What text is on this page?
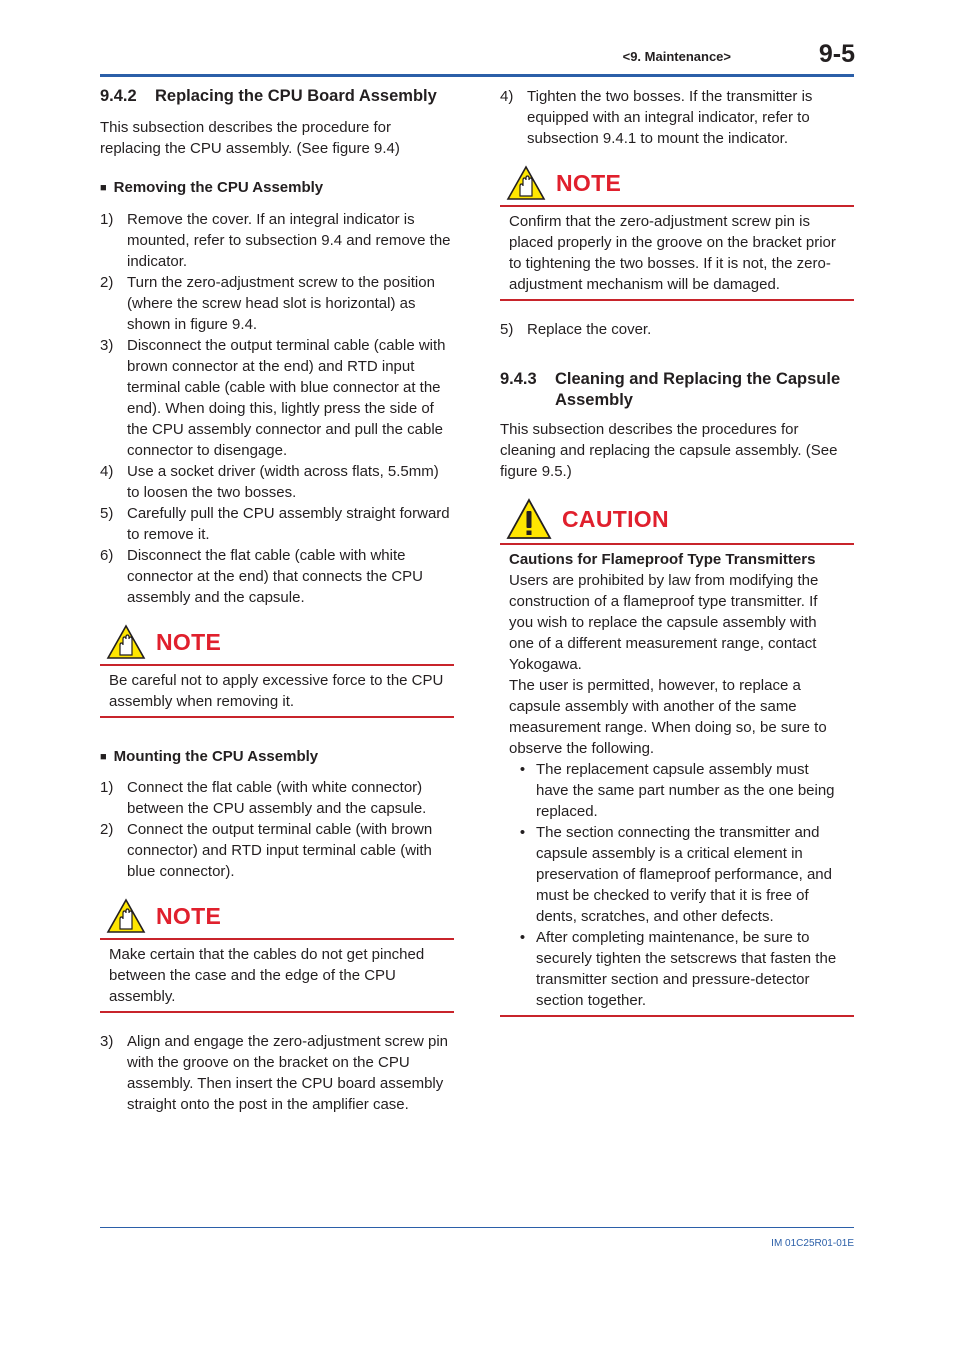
<9. Maintenance>	9-5
9.4.2	Replacing the CPU Board Assembly

This subsection describes the procedure for replacing the CPU assembly. (See figure 9.4)

■ Removing the CPU Assembly
1) Remove the cover. If an integral indicator is mounted, refer to subsection 9.4 and remove the indicator.
2) Turn the zero-adjustment screw to the position (where the screw head slot is horizontal) as shown in figure 9.4.
3) Disconnect the output terminal cable (cable with brown connector at the end) and RTD input terminal cable (cable with blue connector at the end). When doing this, lightly press the side of the CPU assembly connector and pull the cable connector to disengage.
4) Use a socket driver (width across flats, 5.5mm) to loosen the two bosses.
5) Carefully pull the CPU assembly straight forward to remove it.
6) Disconnect the flat cable (cable with white connector at the end) that connects the CPU assembly and the capsule.
NOTE
Be careful not to apply excessive force to the CPU assembly when removing it.
■ Mounting the CPU Assembly
1) Connect the flat cable (with white connector) between the CPU assembly and the capsule.
2) Connect the output terminal cable (with brown connector) and RTD input terminal cable (with blue connector).
NOTE
Make certain that the cables do not get pinched between the case and the edge of the CPU assembly.
3) Align and engage the zero-adjustment screw pin with the groove on the bracket on the CPU assembly. Then insert the CPU board assembly straight onto the post in the amplifier case.
4) Tighten the two bosses. If the transmitter is equipped with an integral indicator, refer to subsection 9.4.1 to mount the indicator.
NOTE
Confirm that the zero-adjustment screw pin is placed properly in the groove on the bracket prior to tightening the two bosses. If it is not, the zero-adjustment mechanism will be damaged.
5) Replace the cover.
9.4.3	Cleaning and Replacing the Capsule Assembly

This subsection describes the procedures for cleaning and replacing the capsule assembly. (See figure 9.5.)

CAUTION
Cautions for Flameproof Type Transmitters

Users are prohibited by law from modifying the construction of a flameproof type transmitter. If you wish to replace the capsule assembly with one of a different measurement range, contact Yokogawa.

The user is permitted, however, to replace a capsule assembly with another of the same measurement range. When doing so, be sure to observe the following.

• The replacement capsule assembly must have the same part number as the one being replaced.
• The section connecting the transmitter and capsule assembly is a critical element in preservation of flameproof performance, and must be checked to verify that it is free of dents, scratches, and other defects.
• After completing maintenance, be sure to securely tighten the setscrews that fasten the transmitter section and pressure-detector section together.
IM 01C25R01-01E
